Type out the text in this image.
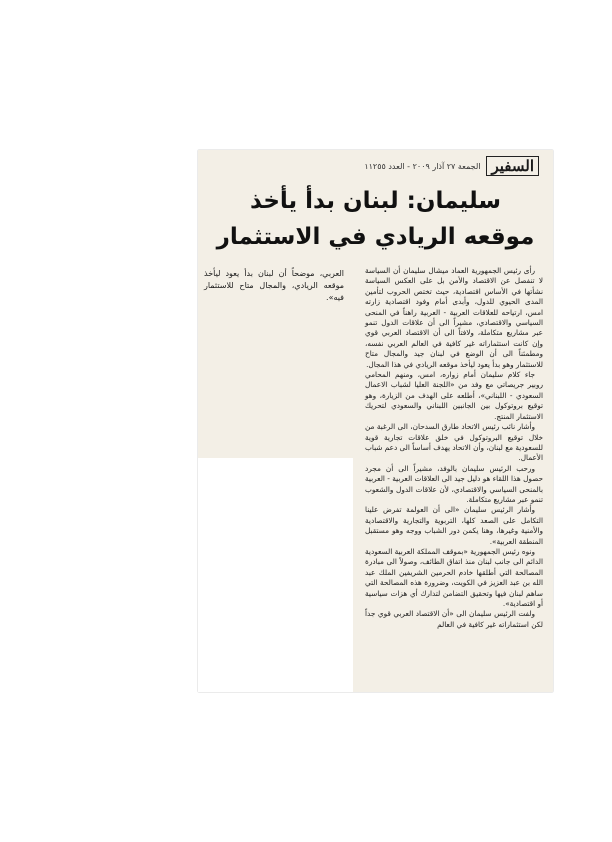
السفير
الجمعة ٢٧ آذار ٢٠٠٩ - العدد ١١٢٥٥
سليمان: لبنان بدأ يأخذ
موقعه الريادي في الاستثمار
العربي، موضحاً أن لبنان بدأ يعود ليأخذ موقعه الريادي، والمجال متاح للاستثمار فيه».

رأى رئيس الجمهورية العماد ميشال سليمان أن السياسة لا تنفصل عن الاقتصاد والأمن بل على العكس السياسة نشأتها في الأساس اقتصادية، حيث تختص الحروب لتأمين المدى الحيوي للدول، وأبدى أمام وفود اقتصادية زارته امس، ارتياحه للعلاقات العربية - العربية راهناً في المنحى السياسي والاقتصادي، مشيراً الى أن علاقات الدول تنمو عبر مشاريع متكاملة، ولافتاً الى أن الاقتصاد العربي قوي وإن كانت استثماراته غير كافية في العالم العربي نفسه، ومطمئناً الى أن الوضع في لبنان جيد والمجال متاح للاستثمار وهو بدأ يعود ليأخذ موقعه الريادي في هذا المجال.

جاء كلام سليمان أمام زواره، امس، ومنهم المحامي روبير جريصاتي مع وفد من «اللجنة العليا لشباب الاعمال السعودي - اللبناني»، أطلعه على الهدف من الزيارة، وهو توقيع بروتوكول بين الجانبين اللبناني والسعودي لتحريك الاستثمار المنتج.

وأشار نائب رئيس الاتحاد طارق السدحان، الى الرغبة من خلال توقيع البروتوكول في خلق علاقات تجارية قوية للسعودية مع لبنان، وأن الاتحاد يهدف أساساً الى دعم شباب الأعمال.

ورحب الرئيس سليمان بالوفد، مشيراً الى أن مجرد حصول هذا اللقاء هو دليل جيد الى العلاقات العربية - العربية بالمنحى السياسي والاقتصادي، لأن علاقات الدول والشعوب تنمو عبر مشاريع متكاملة.

وأشار الرئيس سليمان «الى أن العولمة تفرض علينا التكامل على الصعد كلها، التربوية والتجارية والاقتصادية والأمنية وغيرها، وهنا يكمن دور الشباب ووجه وهو مستقبل المنطقة العربية».

ونوه رئيس الجمهورية «بموقف المملكة العربية السعودية الدائم الى جانب لبنان منذ اتفاق الطائف، وصولاً الى مبادرة المصالحة التي أطلقها خادم الحرمين الشريفين الملك عبد الله بن عبد العزيز في الكويت، وضرورة هذه المصالحة التي ساهم لبنان فيها وتحقيق التضامن لتدارك أي هزات سياسية أو اقتصادية».

ولفت الرئيس سليمان الى «أن الاقتصاد العربي قوي جداً لكن استثماراته غير كافية في العالم
